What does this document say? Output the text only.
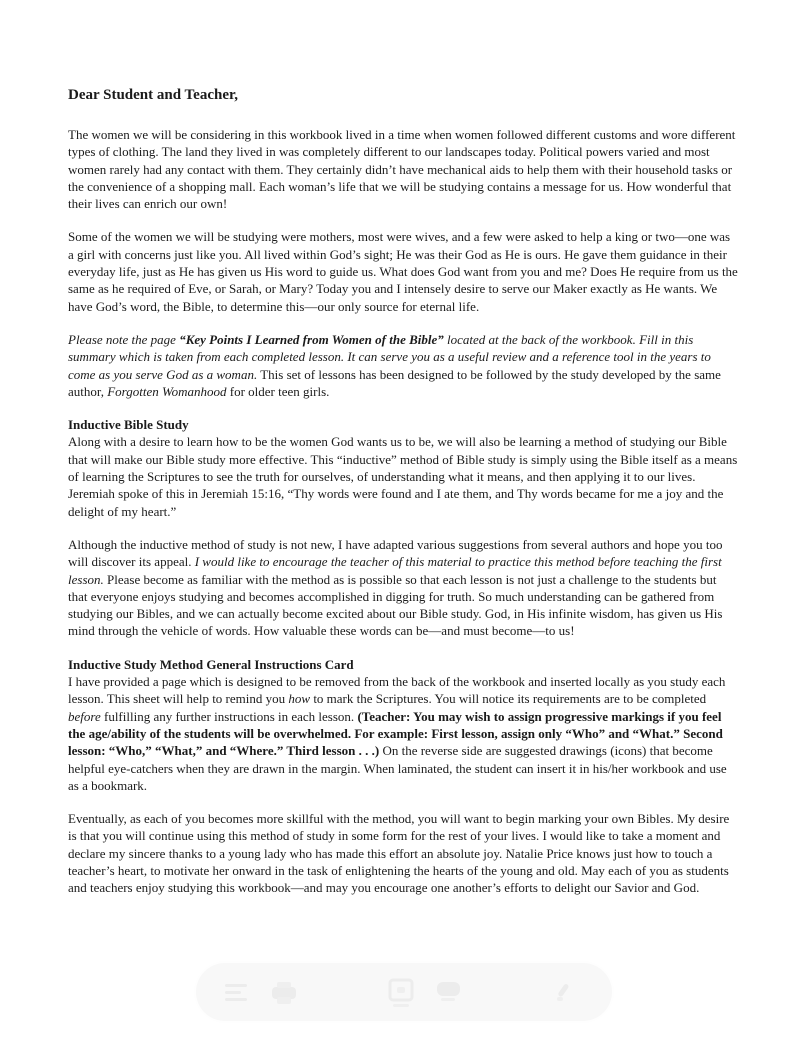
Dear Student and Teacher,

The women we will be considering in this workbook lived in a time when women followed different customs and wore different types of clothing. The land they lived in was completely different to our landscapes today. Political powers varied and most women rarely had any contact with them. They certainly didn’t have mechanical aids to help them with their household tasks or the convenience of a shopping mall. Each woman’s life that we will be studying contains a message for us. How wonderful that their lives can enrich our own!

Some of the women we will be studying were mothers, most were wives, and a few were asked to help a king or two—one was a girl with concerns just like you. All lived within God’s sight; He was their God as He is ours. He gave them guidance in their everyday life, just as He has given us His word to guide us. What does God want from you and me? Does He require from us the same as he required of Eve, or Sarah, or Mary? Today you and I intensely desire to serve our Maker exactly as He wants. We have God’s word, the Bible, to determine this—our only source for eternal life.

Please note the page “Key Points I Learned from Women of the Bible” located at the back of the workbook. Fill in this summary which is taken from each completed lesson. It can serve you as a useful review and a reference tool in the years to come as you serve God as a woman. This set of lessons has been designed to be followed by the study developed by the same author, Forgotten Womanhood for older teen girls.

Inductive Bible Study

Along with a desire to learn how to be the women God wants us to be, we will also be learning a method of studying our Bible that will make our Bible study more effective. This “inductive” method of Bible study is simply using the Bible itself as a means of learning the Scriptures to see the truth for ourselves, of understanding what it means, and then applying it to our lives. Jeremiah spoke of this in Jeremiah 15:16, “Thy words were found and I ate them, and Thy words became for me a joy and the delight of my heart.”

Although the inductive method of study is not new, I have adapted various suggestions from several authors and hope you too will discover its appeal. I would like to encourage the teacher of this material to practice this method before teaching the first lesson. Please become as familiar with the method as is possible so that each lesson is not just a challenge to the students but that everyone enjoys studying and becomes accomplished in digging for truth. So much understanding can be gathered from studying our Bibles, and we can actually become excited about our Bible study. God, in His infinite wisdom, has given us His mind through the vehicle of words. How valuable these words can be—and must become—to us!

Inductive Study Method General Instructions Card

I have provided a page which is designed to be removed from the back of the workbook and inserted locally as you study each lesson. This sheet will help to remind you how to mark the Scriptures. You will notice its requirements are to be completed before fulfilling any further instructions in each lesson. (Teacher: You may wish to assign progressive markings if you feel the age/ability of the students will be overwhelmed. For example: First lesson, assign only “Who” and “What.” Second lesson: “Who,” “What,” and “Where.” Third lesson . . .) On the reverse side are suggested drawings (icons) that become helpful eye-catchers when they are drawn in the margin. When laminated, the student can insert it in his/her workbook and use as a bookmark.

Eventually, as each of you becomes more skillful with the method, you will want to begin marking your own Bibles. My desire is that you will continue using this method of study in some form for the rest of your lives. I would like to take a moment and declare my sincere thanks to a young lady who has made this effort an absolute joy. Natalie Price knows just how to touch a teacher’s heart, to motivate her onward in the task of enlightening the hearts of the young and old. May each of you as students and teachers enjoy studying this workbook—and may you encourage one another’s efforts to delight our Savior and God.
